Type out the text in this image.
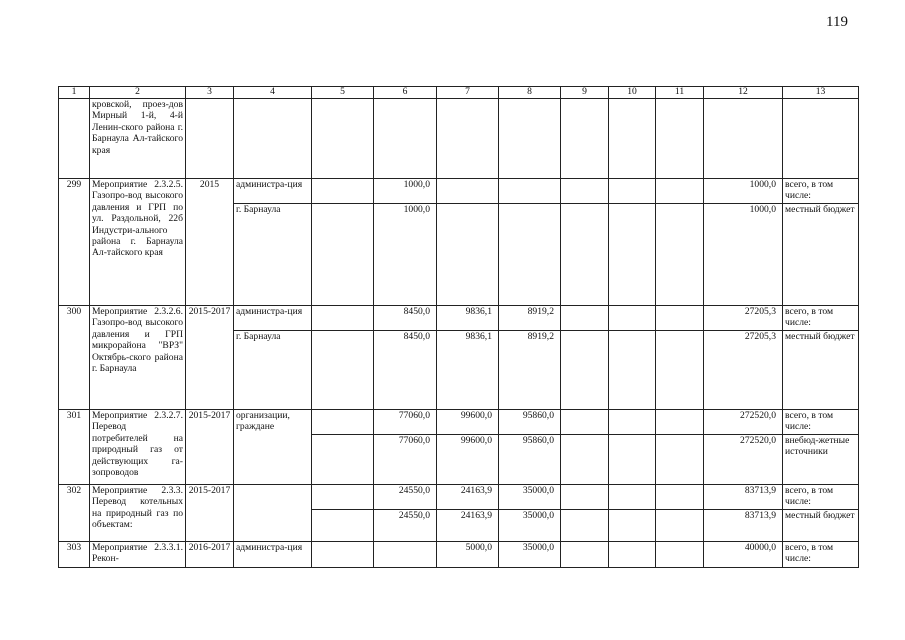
119
1	2	3	4	5	6	7	8	9	10	11	12	13
	кровской, проез-дов Мирный 1-й, 4-й Ленин-ского района г. Барнаула Ал-тайского края											
299	Мероприятие 2.3.2.5. Газопро-вод высокого давления и ГРП по ул. Раздольной, 22б Индустри-ального района г. Барнаула Ал-тайского края	2015	администра-ция		1000,0						1000,0	всего, в том числе:
			г. Барнаула		1000,0						1000,0	местный бюджет
300	Мероприятие 2.3.2.6. Газопро-вод высокого давления и ГРП микрорайона "ВРЗ" Октябрь-ского района г. Барнаула	2015-2017	администра-ция		8450,0	9836,1	8919,2				27205,3	всего, в том числе:
			г. Барнаула		8450,0	9836,1	8919,2				27205,3	местный бюджет
301	Мероприятие 2.3.2.7. Перевод потребителей на природный газ от действующих га-зопроводов	2015-2017	организации, граждане		77060,0	99600,0	95860,0				272520,0	всего, в том числе:
					77060,0	99600,0	95860,0				272520,0	внебюд-жетные источники
302	Мероприятие 2.3.3. Перевод котельных на природный газ по объектам:	2015-2017			24550,0	24163,9	35000,0				83713,9	всего, в том числе:
					24550,0	24163,9	35000,0				83713,9	местный бюджет
303	Мероприятие 2.3.3.1. Рекон-	2016-2017	администра-ция			5000,0	35000,0				40000,0	всего, в том числе:
